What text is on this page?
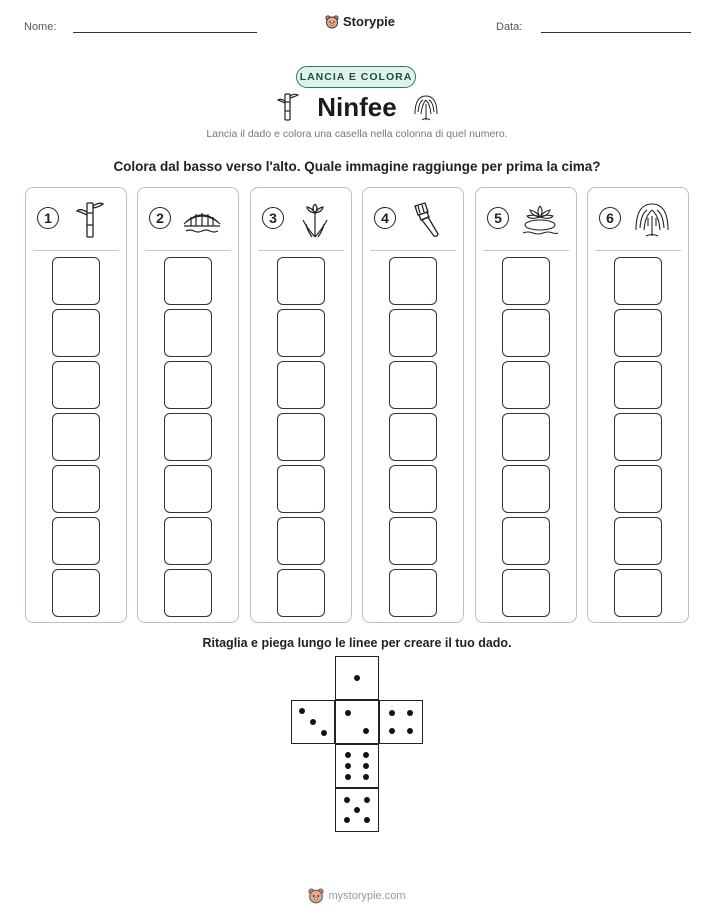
Nome:	Storypie	Data:
LANCIA E COLORA
Ninfee
Lancia il dado e colora una casella nella colonna di quel numero.
Colora dal basso verso l'alto. Quale immagine raggiunge per prima la cima?
1	2	3	4	5	6
Ritaglia e piega lungo le linee per creare il tuo dado.
mystorypie.com
